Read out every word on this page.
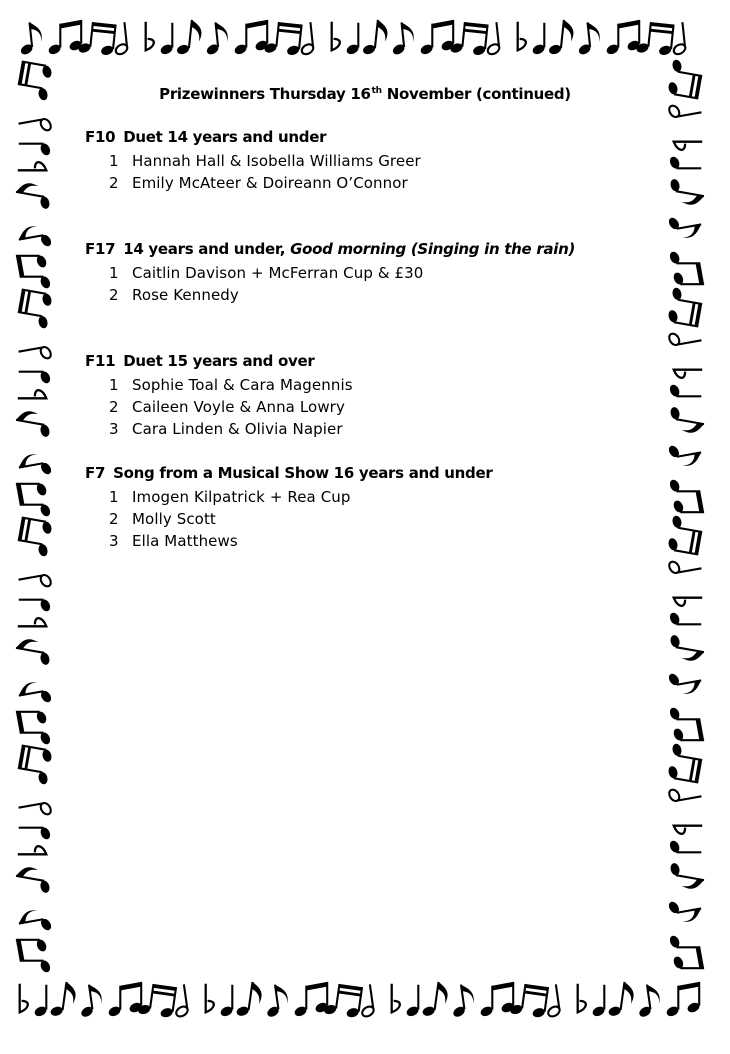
Prizewinners Thursday 16th November (continued)
F10 Duet 14 years and under
1 Hannah Hall & Isobella Williams Greer
2 Emily McAteer & Doireann O’Connor
F17 14 years and under, Good morning (Singing in the rain)
1 Caitlin Davison + McFerran Cup & £30
2 Rose Kennedy
F11 Duet 15 years and over
1 Sophie Toal & Cara Magennis
2 Caileen Voyle & Anna Lowry
3 Cara Linden & Olivia Napier
F7 Song from a Musical Show 16 years and under
1 Imogen Kilpatrick + Rea Cup
2 Molly Scott
3 Ella Matthews
